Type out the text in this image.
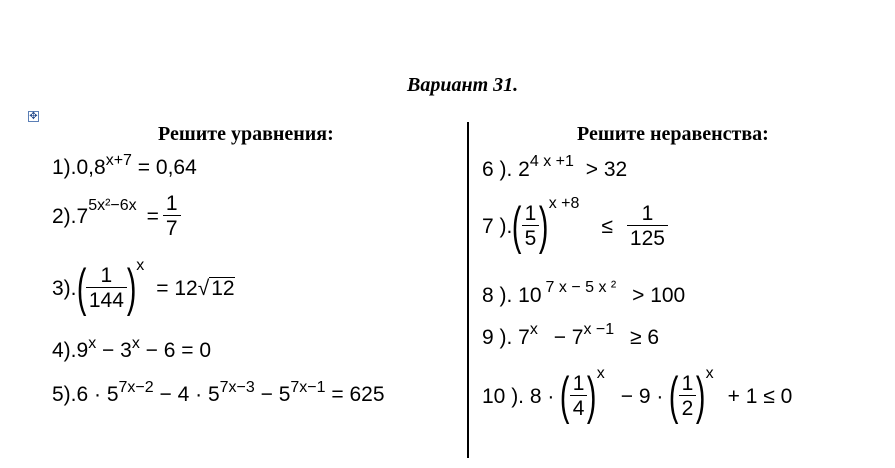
Вариант 31.
✥
Решите уравнения:	Решите неравенства:
$1).0,8^{x+7} = 0,64$
2).7 $5x^2-6x = \frac{1}{7}$
3). ( $\frac{1}{144}$ ) x
= 12 √ 12
$4).9^x - 3^x - 6 = 0$
$5).6 \cdot 5^{7x-2} - 4 \cdot 5^{7x-3} - 5^{7x-1} = 625$
6 ). $2^{4 x +1} > 32$
7 ). ( $\frac{1}{5}$ ) x +8
≤ $\frac{1}{125}$
8 ). 10 $^{7 x - 5 x ^2}$ > 100
9 ). $7^x - 7^{x -1} \ge 6$
10 ). 8 · ( $\frac{1}{4}$ ) x
− 9 · ( $\frac{1}{2}$ ) x
+ 1 ≤ 0
